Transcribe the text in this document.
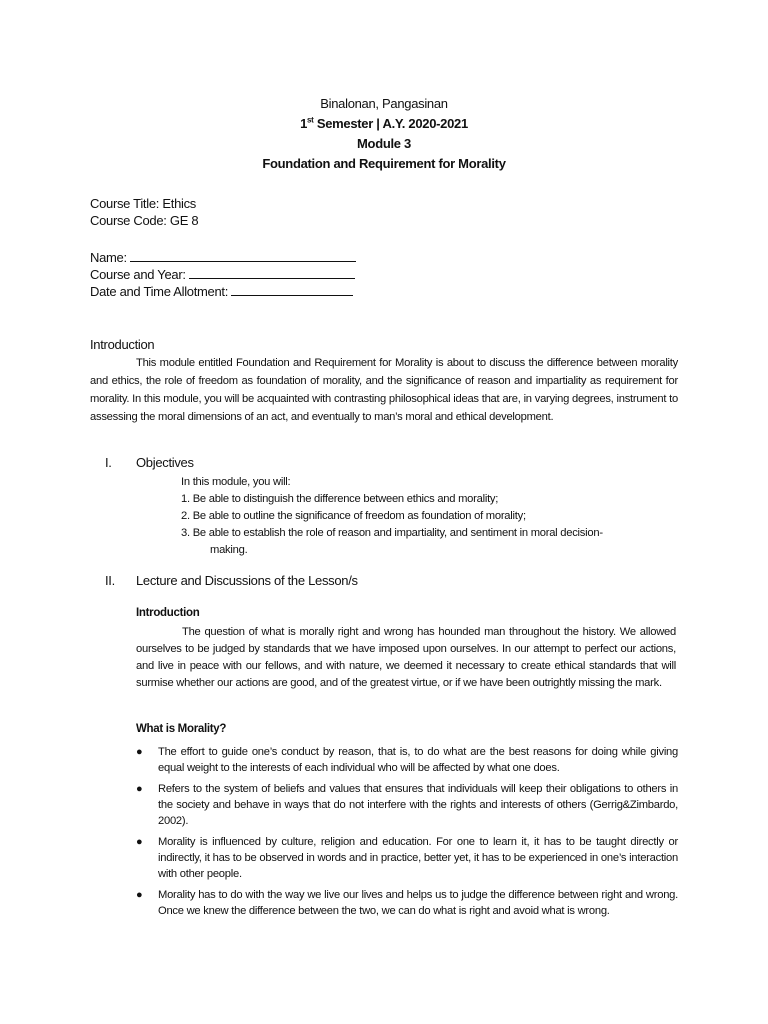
Binalonan, Pangasinan
1st Semester | A.Y. 2020-2021
Module 3
Foundation and Requirement for Morality
Course Title: Ethics
Course Code: GE 8
Name:
Course and Year:
Date and Time Allotment:
Introduction
This module entitled Foundation and Requirement for Morality is about to discuss the difference between morality and ethics, the role of freedom as foundation of morality, and the significance of reason and impartiality as requirement for morality. In this module, you will be acquainted with contrasting philosophical ideas that are, in varying degrees, instrument to assessing the moral dimensions of an act, and eventually to man’s moral and ethical development.
I. Objectives
In this module, you will:
1. Be able to distinguish the difference between ethics and morality;
2. Be able to outline the significance of freedom as foundation of morality;
3. Be able to establish the role of reason and impartiality, and sentiment in moral decision-
making.
II. Lecture and Discussions of the Lesson/s
Introduction
The question of what is morally right and wrong has hounded man throughout the history. We allowed ourselves to be judged by standards that we have imposed upon ourselves. In our attempt to perfect our actions, and live in peace with our fellows, and with nature, we deemed it necessary to create ethical standards that will surmise whether our actions are good, and of the greatest virtue, or if we have been outrightly missing the mark.
What is Morality?
● The effort to guide one’s conduct by reason, that is, to do what are the best reasons for doing while giving equal weight to the interests of each individual who will be affected by what one does.
● Refers to the system of beliefs and values that ensures that individuals will keep their obligations to others in the society and behave in ways that do not interfere with the rights and interests of others (Gerrig&Zimbardo, 2002).
● Morality is influenced by culture, religion and education. For one to learn it, it has to be taught directly or indirectly, it has to be observed in words and in practice, better yet, it has to be experienced in one’s interaction with other people.
● Morality has to do with the way we live our lives and helps us to judge the difference between right and wrong. Once we knew the difference between the two, we can do what is right and avoid what is wrong.
